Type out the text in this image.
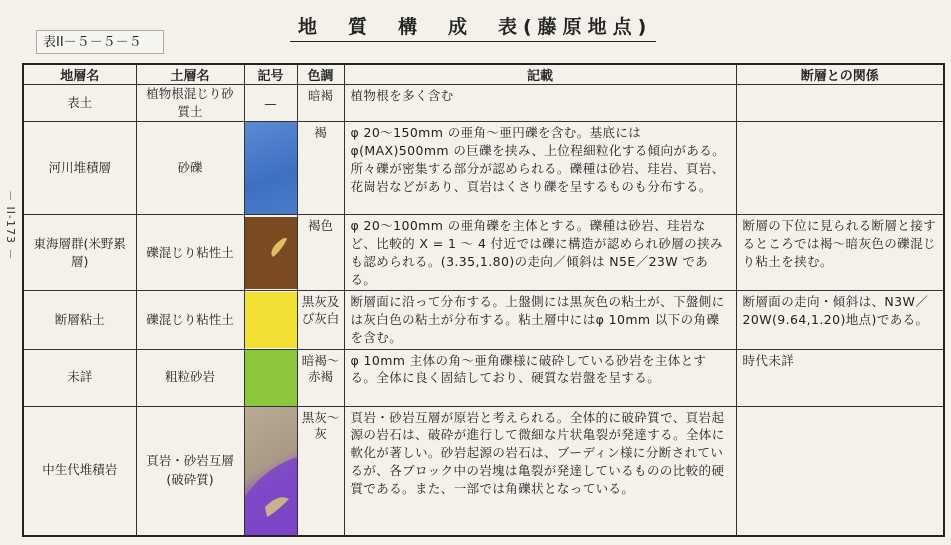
－ II-173 －
表II－５－５－５
地　質　構　成　表(藤原地点)
地層名	土層名	記号	色調	記載	断層との関係
表土	植物根混じり砂質土	—	暗褐	植物根を多く含む	
河川堆積層	砂礫		褐	φ 20～150mm の亜角～亜円礫を含む。基底にはφ(MAX)500mm の巨礫を挟み、上位程細粒化する傾向がある。所々礫が密集する部分が認められる。礫種は砂岩、珪岩、頁岩、花崗岩などがあり、頁岩はくさり礫を呈するものも分布する。	
東海層群(米野累層)	礫混じり粘性土		褐色	φ 20～100mm の亜角礫を主体とする。礫種は砂岩、珪岩など、比較的 X = 1 ～ 4 付近では礫に構造が認められ砂層の挟みも認められる。(3.35,1.80)の走向／傾斜は N5E／23W である。	断層の下位に見られる断層と接するところでは褐～暗灰色の礫混じり粘土を挟む。
断層粘土	礫混じり粘性土		黒灰及び灰白	断層面に沿って分布する。上盤側には黒灰色の粘土が、下盤側には灰白色の粘土が分布する。粘土層中にはφ 10mm 以下の角礫を含む。	断層面の走向・傾斜は、N3W／20W(9.64,1.20)地点)である。
未詳	粗粒砂岩		暗褐～赤褐	φ 10mm 主体の角～亜角礫様に破砕している砂岩を主体とする。全体に良く固結しており、硬質な岩盤を呈する。	時代未詳
中生代堆積岩	頁岩・砂岩互層(破砕質)		黒灰～灰	頁岩・砂岩互層が原岩と考えられる。全体的に破砕質で、頁岩起源の岩石は、破砕が進行して微細な片状亀裂が発達する。全体に軟化が著しい。砂岩起源の岩石は、ブーディン様に分断されているが、各ブロック中の岩塊は亀裂が発達しているものの比較的硬質である。また、一部では角礫状となっている。	
